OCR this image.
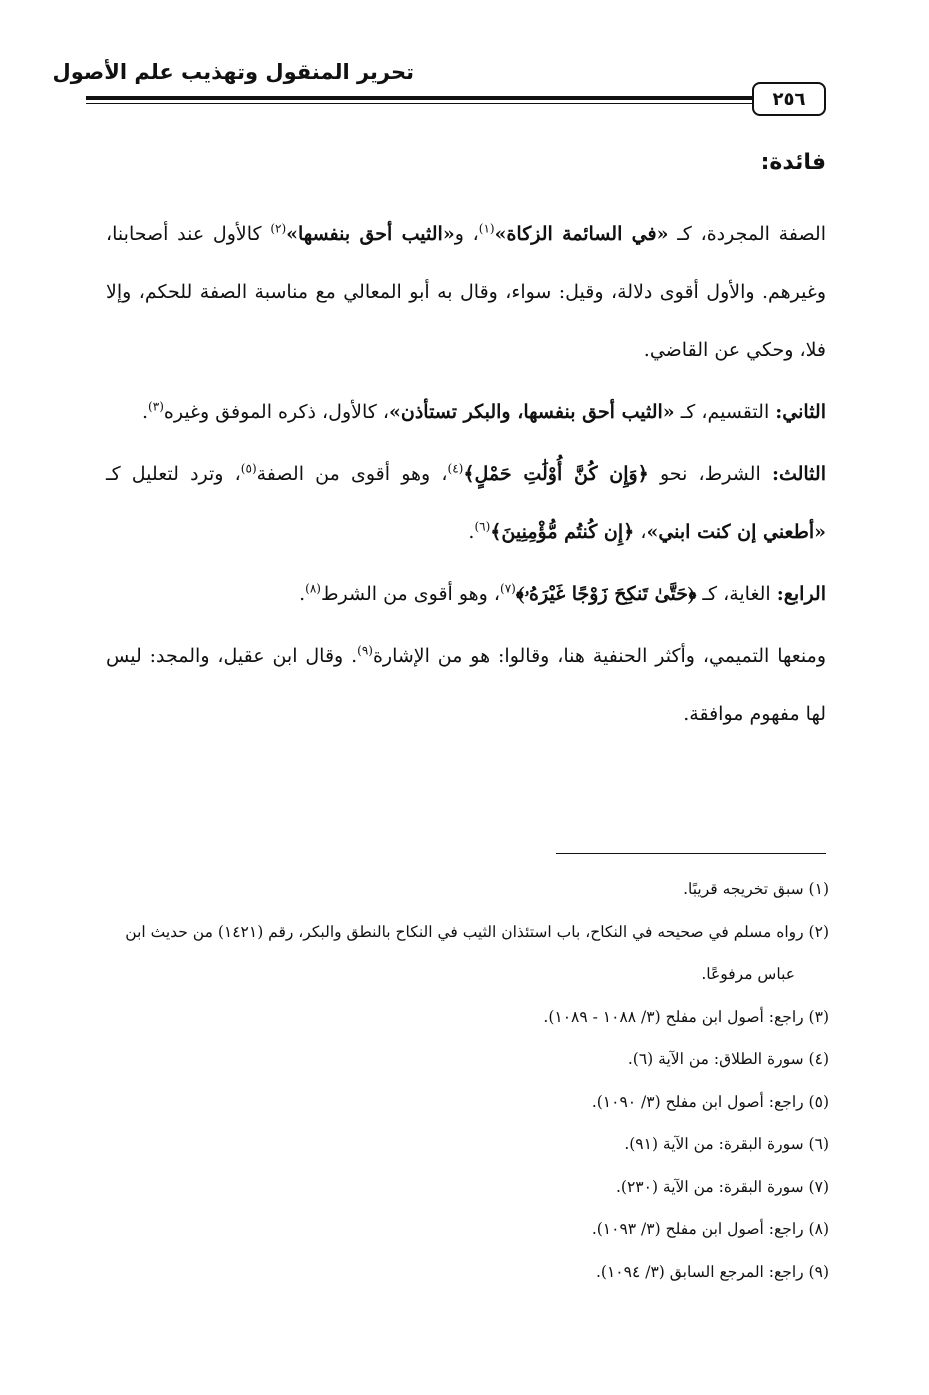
تحرير المنقول وتهذيب علم الأصول
٢٥٦
فائدة:

الصفة المجردة، كـ «في السائمة الزكاة»$^{(١)}$، و«الثيب أحق بنفسها»$^{(٢)}$ كالأول عند أصحابنا، وغيرهم. والأول أقوى دلالة، وقيل: سواء، وقال به أبو المعالي مع مناسبة الصفة للحكم، وإلا فلا، وحكي عن القاضي.

الثاني: التقسيم، كـ «الثيب أحق بنفسها، والبكر تستأذن»، كالأول، ذكره الموفق وغيره$^{(٣)}$.

الثالث: الشرط، نحو ﴿وَإِن كُنَّ أُوْلَٰتِ حَمْلٍ﴾$^{(٤)}$، وهو أقوى من الصفة$^{(٥)}$، وترد لتعليل كـ «أطعني إن كنت ابني»، ﴿إِن كُنتُم مُّؤْمِنِينَ﴾$^{(٦)}$.

الرابع: الغاية، كـ ﴿حَتَّىٰ تَنكِحَ زَوْجًا غَيْرَهُۥ﴾$^{(٧)}$، وهو أقوى من الشرط$^{(٨)}$.

ومنعها التميمي، وأكثر الحنفية هنا، وقالوا: هو من الإشارة$^{(٩)}$. وقال ابن عقيل، والمجد: ليس لها مفهوم موافقة.

(١) سبق تخريجه قريبًا.

(٢) رواه مسلم في صحيحه في النكاح، باب استئذان الثيب في النكاح بالنطق والبكر، رقم (١٤٢١) من حديث ابن عباس مرفوعًا.

(٣) راجع: أصول ابن مفلح (٣/ ١٠٨٨ - ١٠٨٩).

(٤) سورة الطلاق: من الآية (٦).

(٥) راجع: أصول ابن مفلح (٣/ ١٠٩٠).

(٦) سورة البقرة: من الآية (٩١).

(٧) سورة البقرة: من الآية (٢٣٠).

(٨) راجع: أصول ابن مفلح (٣/ ١٠٩٣).

(٩) راجع: المرجع السابق (٣/ ١٠٩٤).
